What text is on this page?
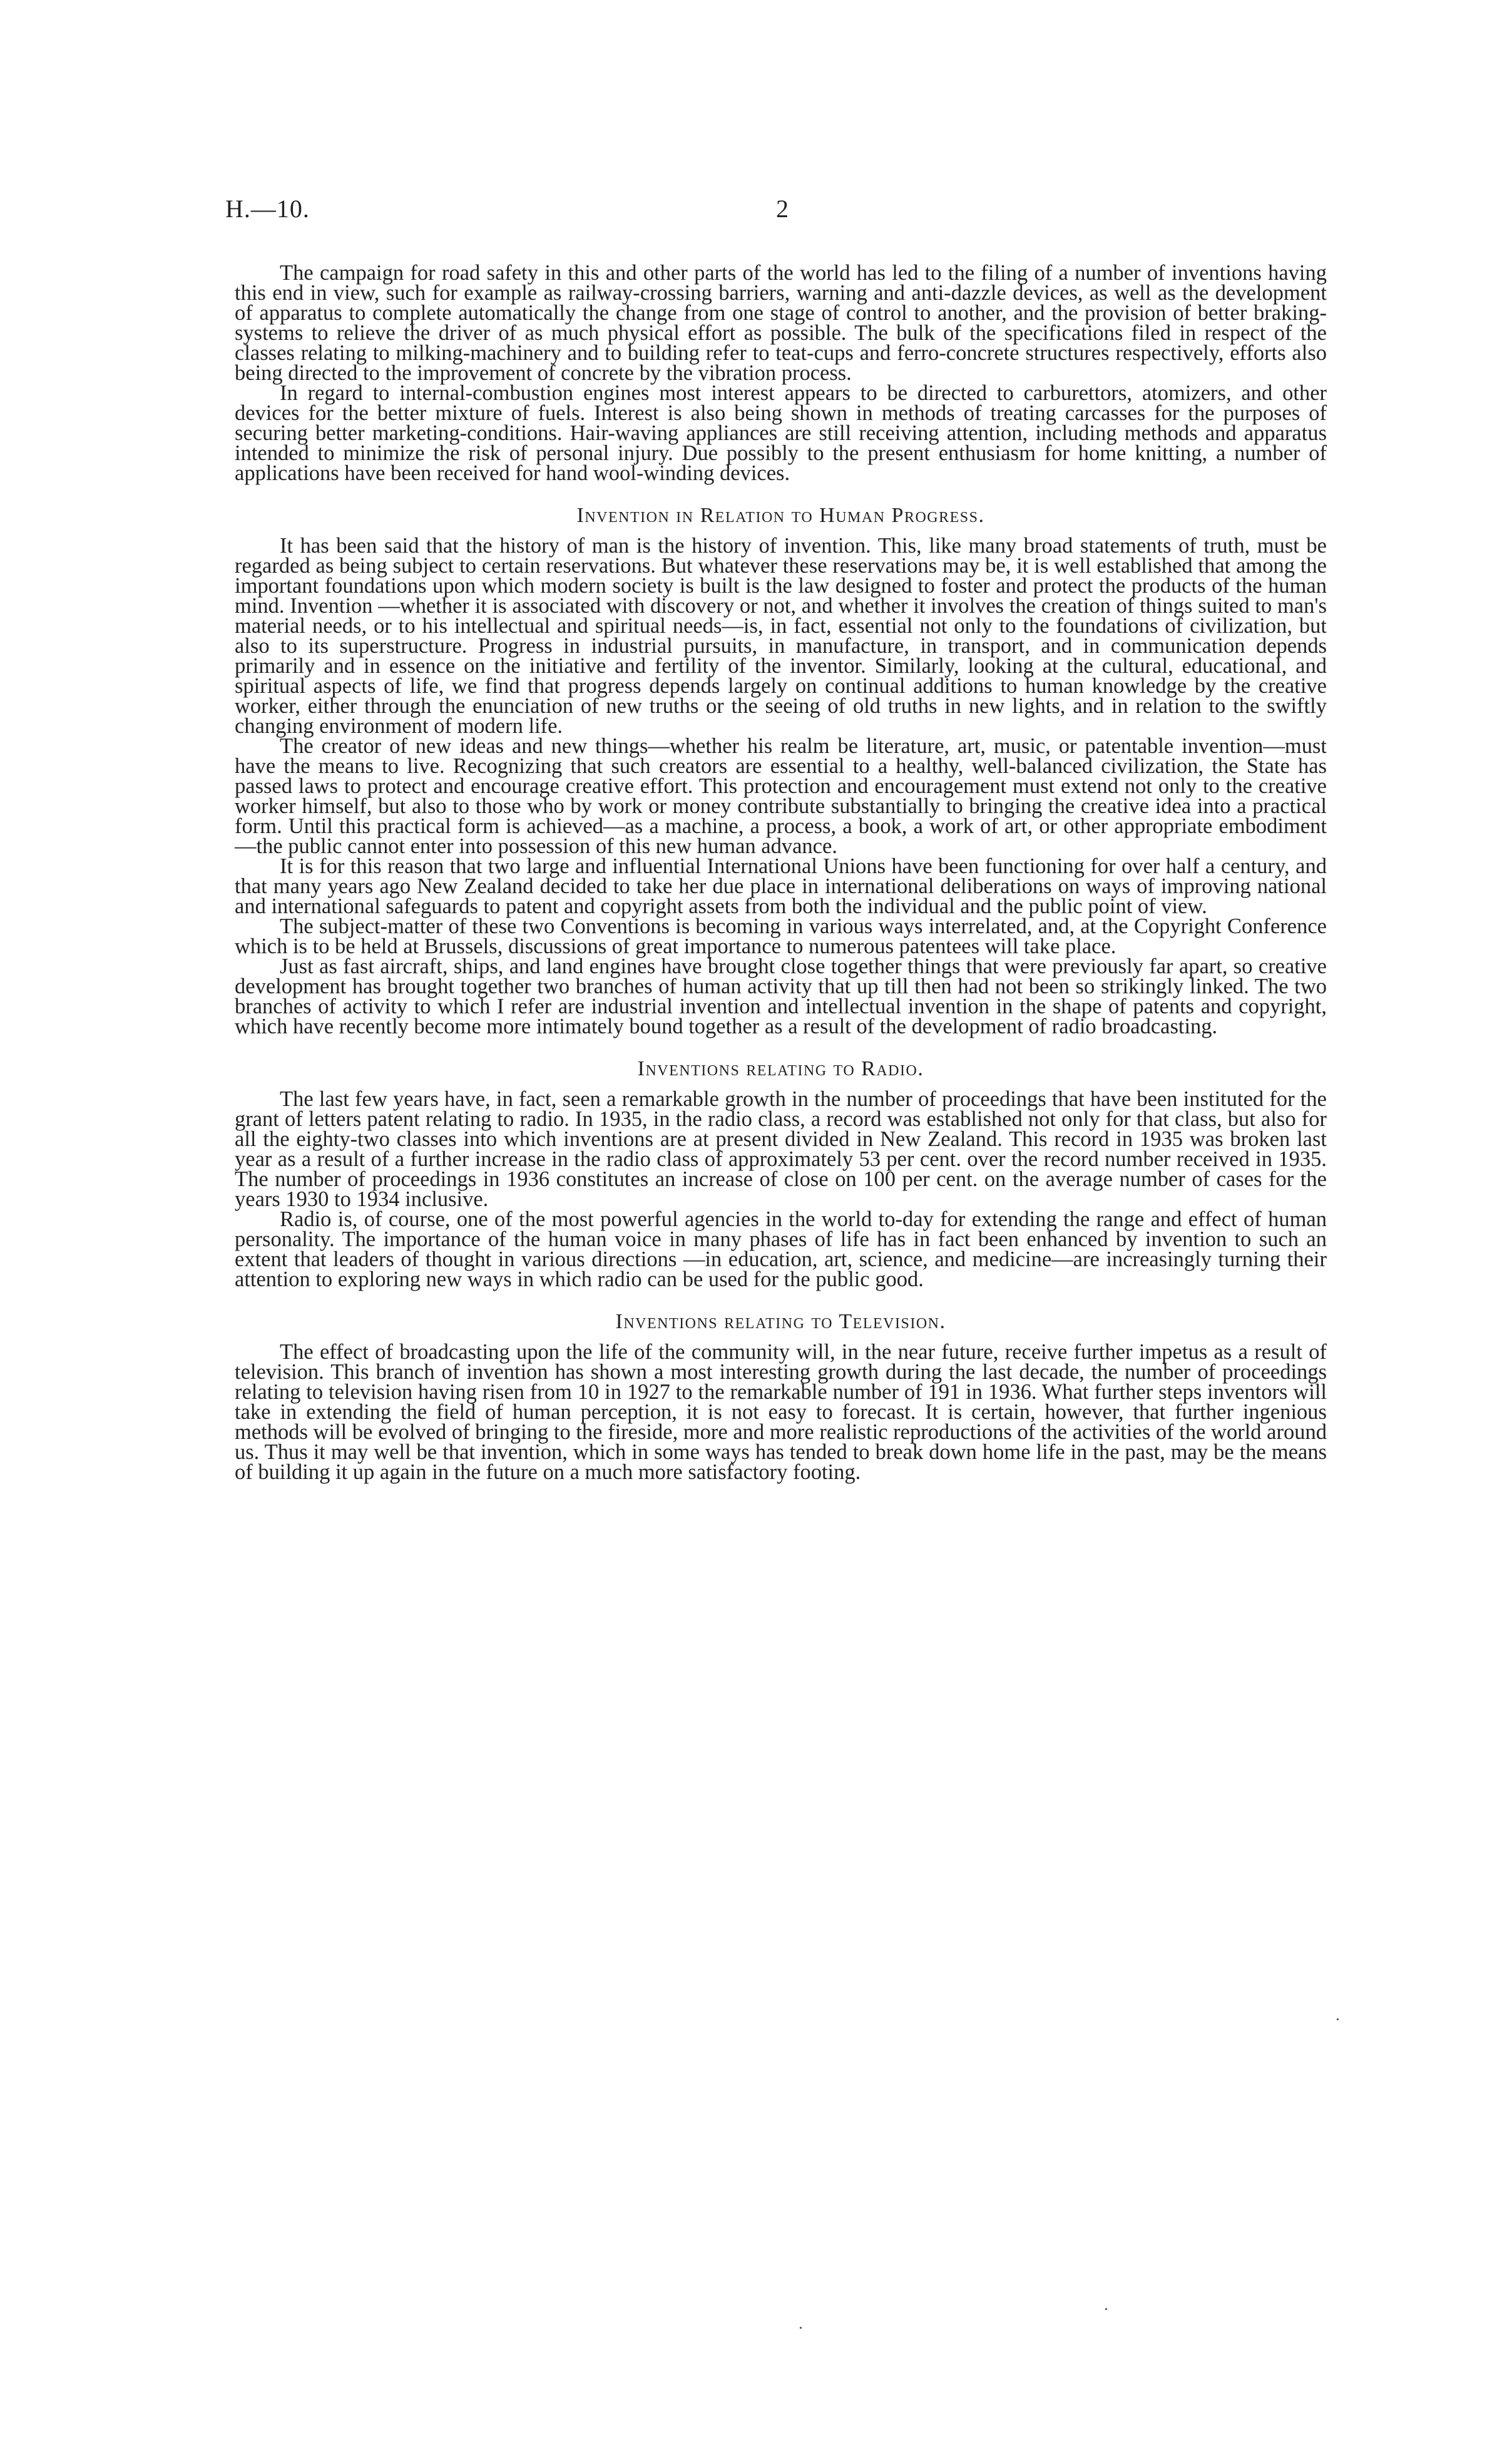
H.—10.	2

The campaign for road safety in this and other parts of the world has led to the filing of a number of inventions having this end in view, such for example as railway-crossing barriers, warning and anti-dazzle devices, as well as the development of apparatus to complete automatically the change from one stage of control to another, and the provision of better braking-systems to relieve the driver of as much physical effort as possible. The bulk of the specifications filed in respect of the classes relating to milking-machinery and to building refer to teat-cups and ferro-concrete structures respectively, efforts also being directed to the improvement of concrete by the vibration process.

In regard to internal-combustion engines most interest appears to be directed to carburettors, atomizers, and other devices for the better mixture of fuels. Interest is also being shown in methods of treating carcasses for the purposes of securing better marketing-conditions. Hair-waving appliances are still receiving attention, including methods and apparatus intended to minimize the risk of personal injury. Due possibly to the present enthusiasm for home knitting, a number of applications have been received for hand wool-winding devices.

Invention in Relation to Human Progress.

It has been said that the history of man is the history of invention. This, like many broad statements of truth, must be regarded as being subject to certain reservations. But whatever these reservations may be, it is well established that among the important foundations upon which modern society is built is the law designed to foster and protect the products of the human mind. Invention —whether it is associated with discovery or not, and whether it involves the creation of things suited to man's material needs, or to his intellectual and spiritual needs—is, in fact, essential not only to the foundations of civilization, but also to its superstructure. Progress in industrial pursuits, in manufacture, in transport, and in communication depends primarily and in essence on the initiative and fertility of the inventor. Similarly, looking at the cultural, educational, and spiritual aspects of life, we find that progress depends largely on continual additions to human knowledge by the creative worker, either through the enunciation of new truths or the seeing of old truths in new lights, and in relation to the swiftly changing environment of modern life.

The creator of new ideas and new things—whether his realm be literature, art, music, or patentable invention—must have the means to live. Recognizing that such creators are essential to a healthy, well-balanced civilization, the State has passed laws to protect and encourage creative effort. This protection and encouragement must extend not only to the creative worker himself, but also to those who by work or money contribute substantially to bringing the creative idea into a practical form. Until this practical form is achieved—as a machine, a process, a book, a work of art, or other appropriate embodiment—the public cannot enter into possession of this new human advance.

It is for this reason that two large and influential International Unions have been functioning for over half a century, and that many years ago New Zealand decided to take her due place in international deliberations on ways of improving national and international safeguards to patent and copyright assets from both the individual and the public point of view.

The subject-matter of these two Conventions is becoming in various ways interrelated, and, at the Copyright Conference which is to be held at Brussels, discussions of great importance to numerous patentees will take place.

Just as fast aircraft, ships, and land engines have brought close together things that were previously far apart, so creative development has brought together two branches of human activity that up till then had not been so strikingly linked. The two branches of activity to which I refer are industrial invention and intellectual invention in the shape of patents and copyright, which have recently become more intimately bound together as a result of the development of radio broadcasting.

Inventions relating to Radio.

The last few years have, in fact, seen a remarkable growth in the number of proceedings that have been instituted for the grant of letters patent relating to radio. In 1935, in the radio class, a record was established not only for that class, but also for all the eighty-two classes into which inventions are at present divided in New Zealand. This record in 1935 was broken last year as a result of a further increase in the radio class of approximately 53 per cent. over the record number received in 1935. The number of proceedings in 1936 constitutes an increase of close on 100 per cent. on the average number of cases for the years 1930 to 1934 inclusive.

Radio is, of course, one of the most powerful agencies in the world to-day for extending the range and effect of human personality. The importance of the human voice in many phases of life has in fact been enhanced by invention to such an extent that leaders of thought in various directions —in education, art, science, and medicine—are increasingly turning their attention to exploring new ways in which radio can be used for the public good.

Inventions relating to Television.

The effect of broadcasting upon the life of the community will, in the near future, receive further impetus as a result of television. This branch of invention has shown a most interesting growth during the last decade, the number of proceedings relating to television having risen from 10 in 1927 to the remarkable number of 191 in 1936. What further steps inventors will take in extending the field of human perception, it is not easy to forecast. It is certain, however, that further ingenious methods will be evolved of bringing to the fireside, more and more realistic reproductions of the activities of the world around us. Thus it may well be that invention, which in some ways has tended to break down home life in the past, may be the means of building it up again in the future on a much more satisfactory footing.

•
•
•
